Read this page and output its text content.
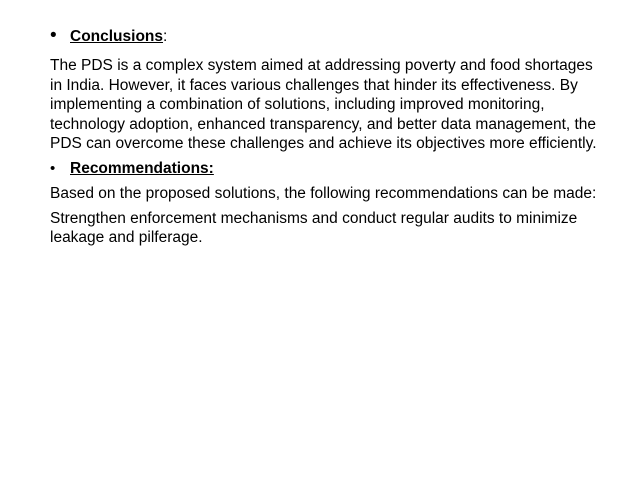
• Conclusions:

The PDS is a complex system aimed at addressing poverty and food shortages in India. However, it faces various challenges that hinder its effectiveness. By implementing a combination of solutions, including improved monitoring, technology adoption, enhanced transparency, and better data management, the PDS can overcome these challenges and achieve its objectives more efficiently.

• Recommendations:

Based on the proposed solutions, the following recommendations can be made:

Strengthen enforcement mechanisms and conduct regular audits to minimize leakage and pilferage.
